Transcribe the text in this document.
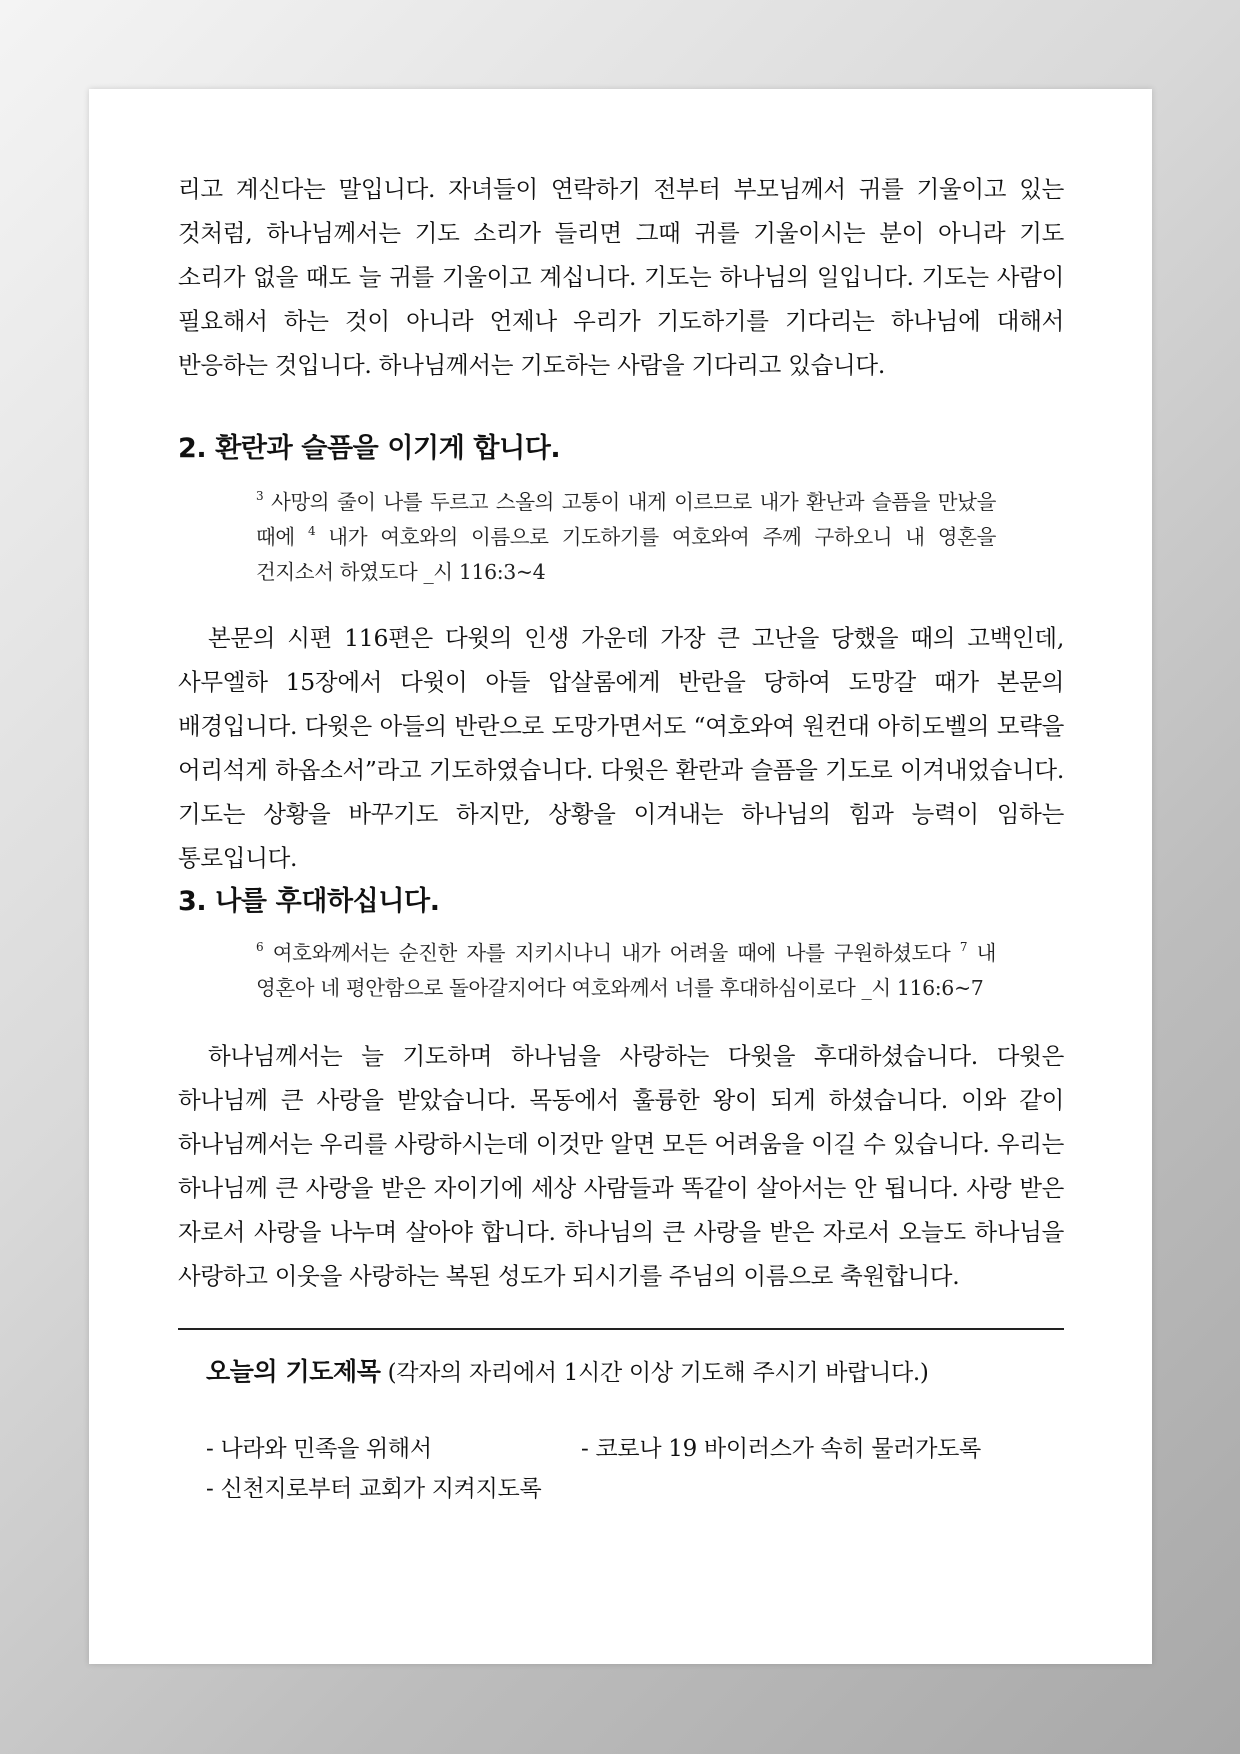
리고 계신다는 말입니다. 자녀들이 연락하기 전부터 부모님께서 귀를 기울이고 있는 것처럼, 하나님께서는 기도 소리가 들리면 그때 귀를 기울이시는 분이 아니라 기도 소리가 없을 때도 늘 귀를 기울이고 계십니다. 기도는 하나님의 일입니다. 기도는 사람이 필요해서 하는 것이 아니라 언제나 우리가 기도하기를 기다리는 하나님에 대해서 반응하는 것입니다. 하나님께서는 기도하는 사람을 기다리고 있습니다.

2. 환란과 슬픔을 이기게 합니다.

$^3$ 사망의 줄이 나를 두르고 스올의 고통이 내게 이르므로 내가 환난과 슬픔을 만났을 때에 $^4$ 내가 여호와의 이름으로 기도하기를 여호와여 주께 구하오니 내 영혼을 건지소서 하였도다 _시 116:3~4

본문의 시편 116편은 다윗의 인생 가운데 가장 큰 고난을 당했을 때의 고백인데, 사무엘하 15장에서 다윗이 아들 압살롬에게 반란을 당하여 도망갈 때가 본문의 배경입니다. 다윗은 아들의 반란으로 도망가면서도 “여호와여 원컨대 아히도벨의 모략을 어리석게 하옵소서”라고 기도하였습니다. 다윗은 환란과 슬픔을 기도로 이겨내었습니다. 기도는 상황을 바꾸기도 하지만, 상황을 이겨내는 하나님의 힘과 능력이 임하는 통로입니다.

3. 나를 후대하십니다.

$^6$ 여호와께서는 순진한 자를 지키시나니 내가 어려울 때에 나를 구원하셨도다 $^7$ 내 영혼아 네 평안함으로 돌아갈지어다 여호와께서 너를 후대하심이로다 _시 116:6~7

하나님께서는 늘 기도하며 하나님을 사랑하는 다윗을 후대하셨습니다. 다윗은 하나님께 큰 사랑을 받았습니다. 목동에서 훌륭한 왕이 되게 하셨습니다. 이와 같이 하나님께서는 우리를 사랑하시는데 이것만 알면 모든 어려움을 이길 수 있습니다. 우리는 하나님께 큰 사랑을 받은 자이기에 세상 사람들과 똑같이 살아서는 안 됩니다. 사랑 받은 자로서 사랑을 나누며 살아야 합니다. 하나님의 큰 사랑을 받은 자로서 오늘도 하나님을 사랑하고 이웃을 사랑하는 복된 성도가 되시기를 주님의 이름으로 축원합니다.

오늘의 기도제목 (각자의 자리에서 1시간 이상 기도해 주시기 바랍니다.)
- 나라와 민족을 위해서	- 코로나 19 바이러스가 속히 물러가도록
- 신천지로부터 교회가 지켜지도록
